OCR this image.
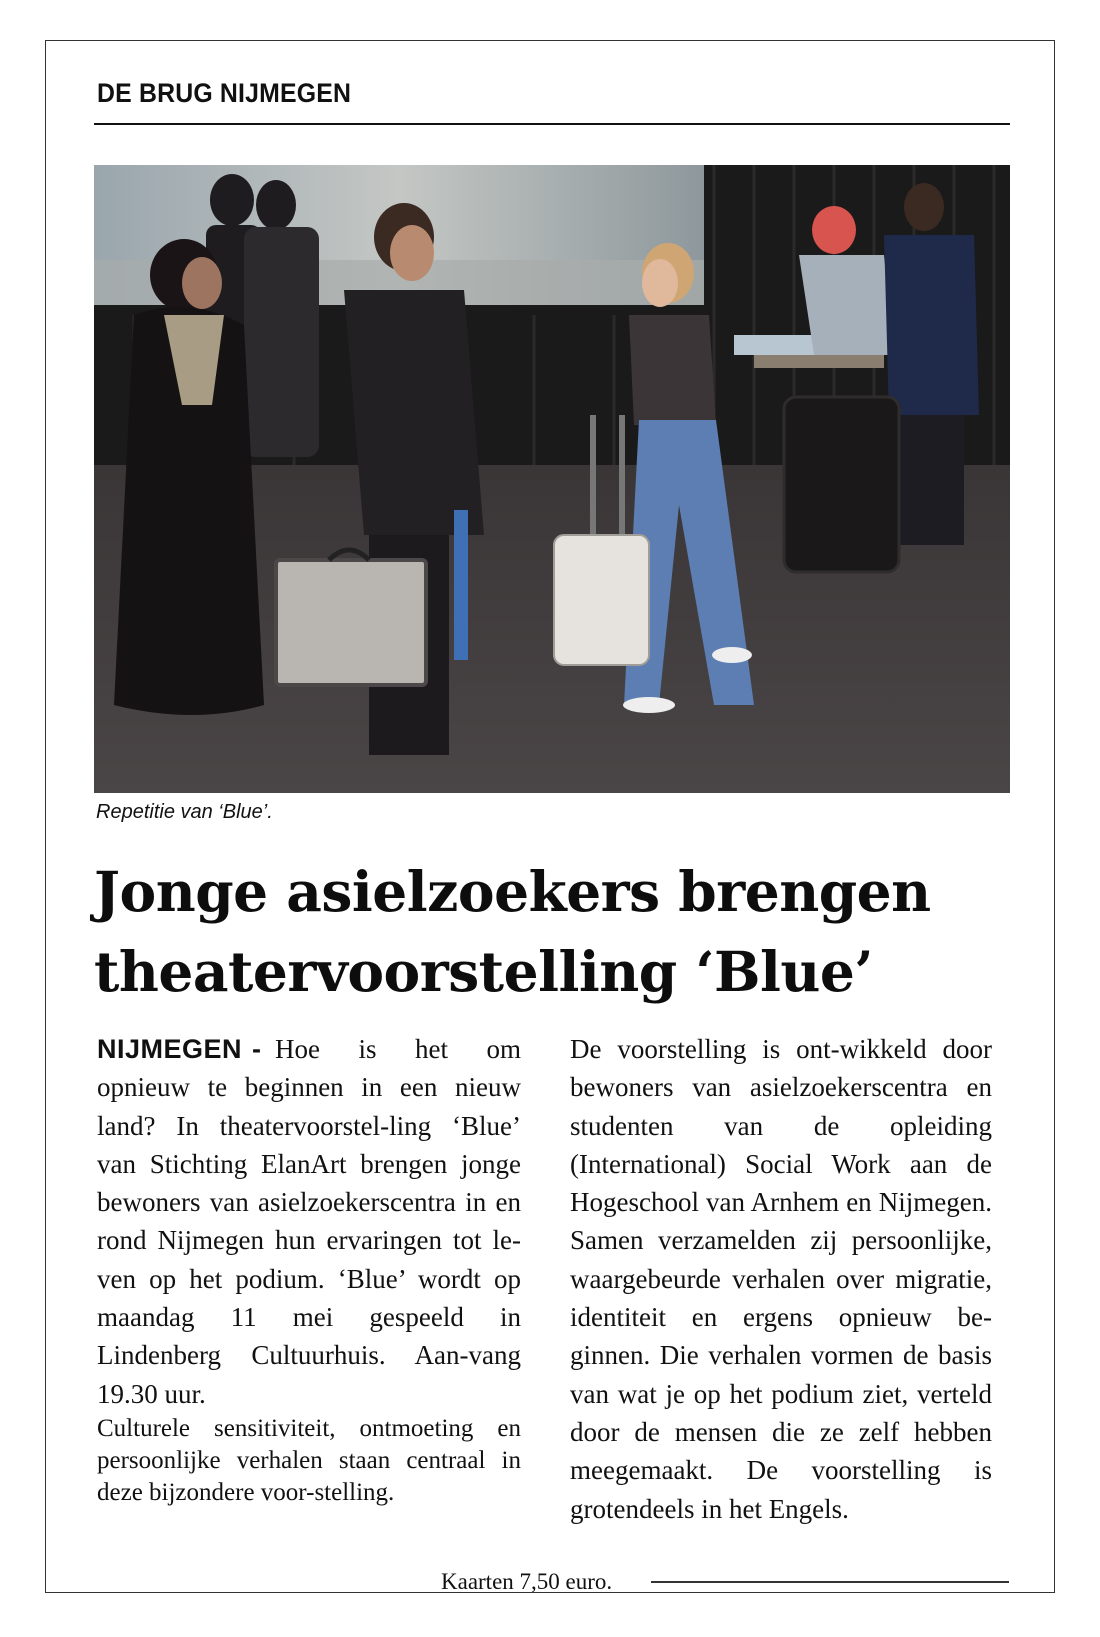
DE BRUG NIJMEGEN
Repetitie van ‘Blue’.
Jonge asielzoekers brengen
theatervoorstelling ‘Blue’

NIJMEGEN - Hoe is het om opnieuw te beginnen in een nieuw land? In theatervoorstel-ling ‘Blue’ van Stichting ElanArt brengen jonge bewoners van asielzoekerscentra in en rond Nijmegen hun ervaringen tot le-ven op het podium. ‘Blue’ wordt op maandag 11 mei gespeeld in Lindenberg Cultuurhuis. Aan-vang 19.30 uur.

Culturele sensitiviteit, ontmoeting en persoonlijke verhalen staan centraal in deze bijzondere voor-stelling.

De voorstelling is ont-wikkeld door bewoners van asielzoekerscentra en studenten van de opleiding (International) Social Work aan de Hogeschool van Arnhem en Nijmegen. Samen verzamelden zij persoonlijke, waargebeurde verhalen over migratie, identiteit en ergens opnieuw be-ginnen. Die verhalen vormen de basis van wat je op het podium ziet, verteld door de mensen die ze zelf hebben meegemaakt. De voorstelling is grotendeels in het Engels.

Kaarten 7,50 euro.
